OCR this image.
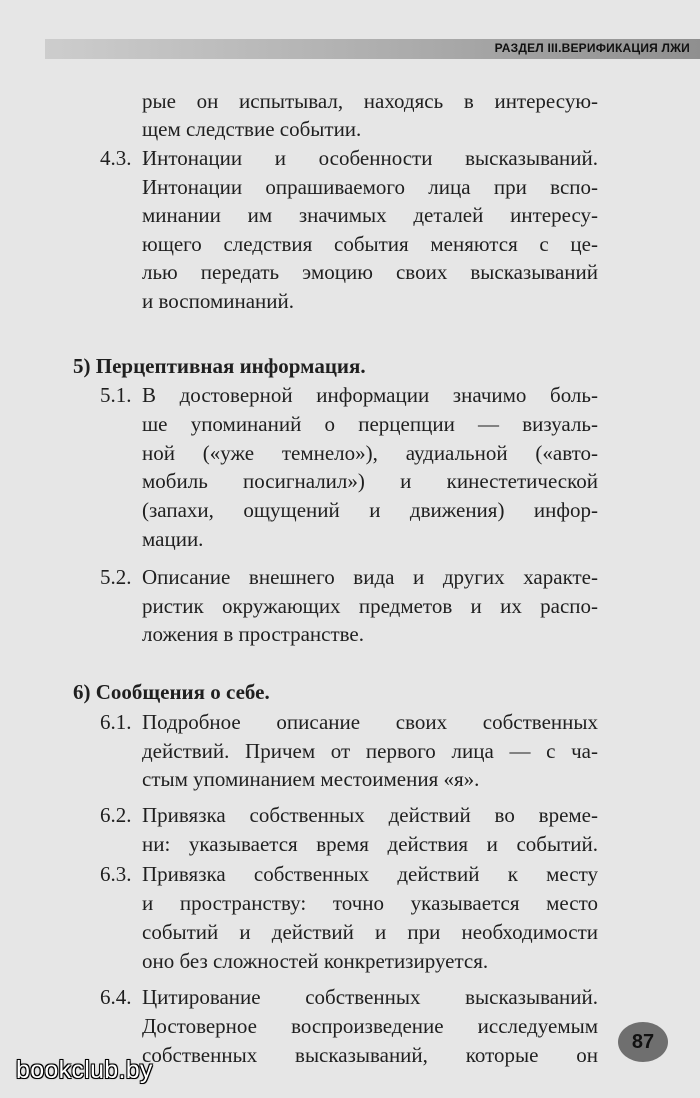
РАЗДЕЛ III.ВЕРИФИКАЦИЯ ЛЖИ
рые он испытывал, находясь в интересую-
щем следствие событии.
4.3. Интонации и особенности высказываний.
Интонации опрашиваемого лица при вспо-
минании им значимых деталей интересу-
ющего следствия события меняются с це-
лью передать эмоцию своих высказываний
и воспоминаний.
5) Перцептивная информация.
5.1. В достоверной информации значимо боль-
ше упоминаний о перцепции — визуаль-
ной («уже темнело»), аудиальной («авто-
мобиль посигналил») и кинестетической
(запахи, ощущений и движения) инфор-
мации.
5.2. Описание внешнего вида и других характе-
ристик окружающих предметов и их распо-
ложения в пространстве.
6) Сообщения о себе.
6.1. Подробное описание своих собственных
действий. Причем от первого лица — с ча-
стым упоминанием местоимения «я».
6.2. Привязка собственных действий во време-
ни: указывается время действия и событий.
6.3. Привязка собственных действий к месту
и пространству: точно указывается место
событий и действий и при необходимости
оно без сложностей конкретизируется.
6.4. Цитирование собственных высказываний.
Достоверное воспроизведение исследуемым
собственных высказываний, которые он
87
bookclub.by
